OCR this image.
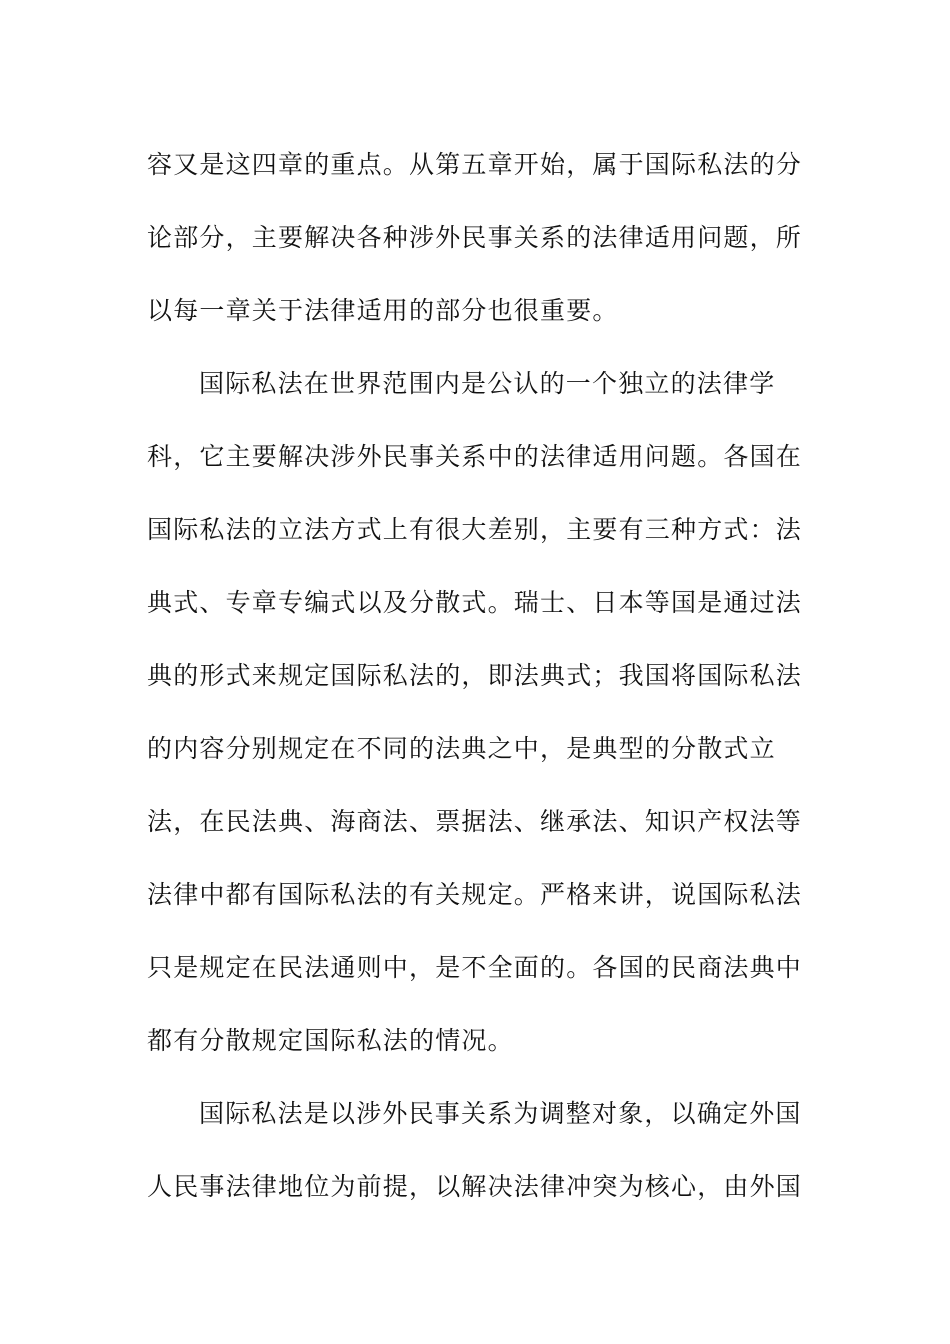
容又是这四章的重点。从第五章开始，属于国际私法的分
论部分，主要解决各种涉外民事关系的法律适用问题，所
以每一章关于法律适用的部分也很重要。
国际私法在世界范围内是公认的一个独立的法律学
科，它主要解决涉外民事关系中的法律适用问题。各国在
国际私法的立法方式上有很大差别，主要有三种方式：法
典式、专章专编式以及分散式。瑞士、日本等国是通过法
典的形式来规定国际私法的，即法典式；我国将国际私法
的内容分别规定在不同的法典之中，是典型的分散式立
法，在民法典、海商法、票据法、继承法、知识产权法等
法律中都有国际私法的有关规定。严格来讲，说国际私法
只是规定在民法通则中，是不全面的。各国的民商法典中
都有分散规定国际私法的情况。
国际私法是以涉外民事关系为调整对象，以确定外国
人民事法律地位为前提，以解决法律冲突为核心，由外国
